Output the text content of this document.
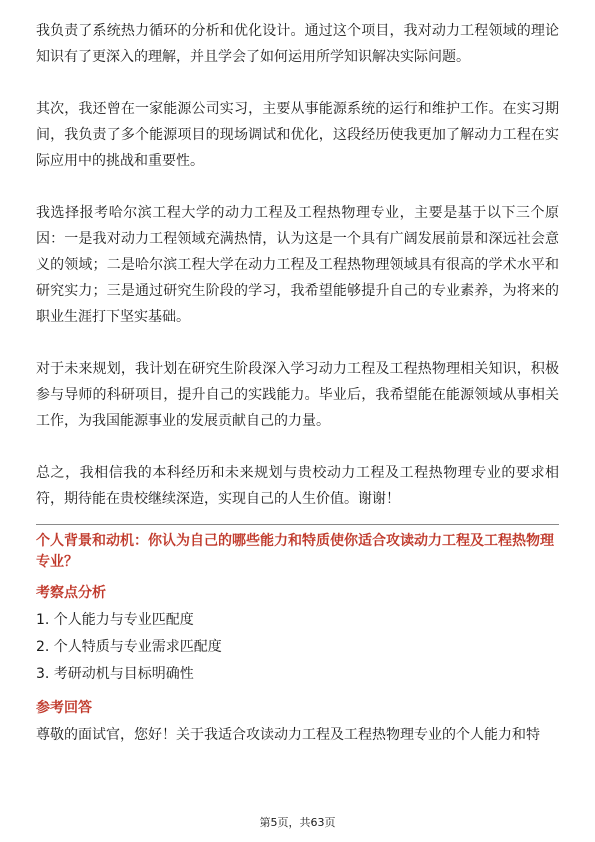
我负责了系统热力循环的分析和优化设计。通过这个项目，我对动力工程领域的理论知识有了更深入的理解，并且学会了如何运用所学知识解决实际问题。

其次，我还曾在一家能源公司实习，主要从事能源系统的运行和维护工作。在实习期间，我负责了多个能源项目的现场调试和优化，这段经历使我更加了解动力工程在实际应用中的挑战和重要性。

我选择报考哈尔滨工程大学的动力工程及工程热物理专业，主要是基于以下三个原因：一是我对动力工程领域充满热情，认为这是一个具有广阔发展前景和深远社会意义的领域；二是哈尔滨工程大学在动力工程及工程热物理领域具有很高的学术水平和研究实力；三是通过研究生阶段的学习，我希望能够提升自己的专业素养，为将来的职业生涯打下坚实基础。

对于未来规划，我计划在研究生阶段深入学习动力工程及工程热物理相关知识，积极参与导师的科研项目，提升自己的实践能力。毕业后，我希望能在能源领域从事相关工作，为我国能源事业的发展贡献自己的力量。

总之，我相信我的本科经历和未来规划与贵校动力工程及工程热物理专业的要求相符，期待能在贵校继续深造，实现自己的人生价值。谢谢！

个人背景和动机：你认为自己的哪些能力和特质使你适合攻读动力工程及工程热物理专业？

考察点分析

1. 个人能力与专业匹配度

2. 个人特质与专业需求匹配度

3. 考研动机与目标明确性

参考回答

尊敬的面试官，您好！关于我适合攻读动力工程及工程热物理专业的个人能力和特

第5页，共63页
